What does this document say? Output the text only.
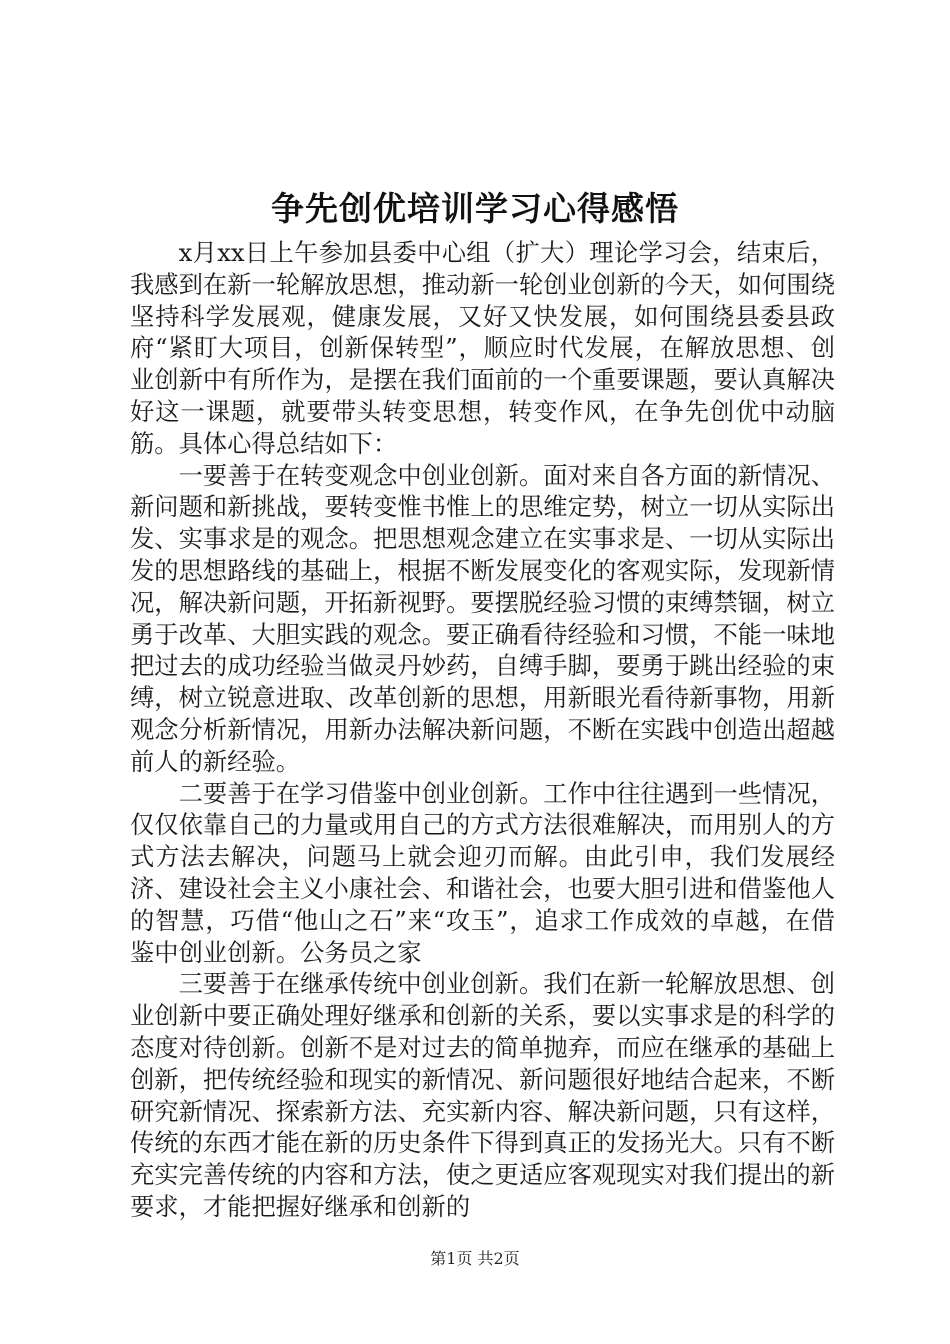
争先创优培训学习心得感悟

x月xx日上午参加县委中心组（扩大）理论学习会，结束后，我感到在新一轮解放思想，推动新一轮创业创新的今天，如何围绕坚持科学发展观，健康发展，又好又快发展，如何围绕县委县政府“紧盯大项目，创新保转型”，顺应时代发展，在解放思想、创业创新中有所作为，是摆在我们面前的一个重要课题，要认真解决好这一课题，就要带头转变思想，转变作风，在争先创优中动脑筋。具体心得总结如下：

一要善于在转变观念中创业创新。面对来自各方面的新情况、新问题和新挑战，要转变惟书惟上的思维定势，树立一切从实际出发、实事求是的观念。把思想观念建立在实事求是、一切从实际出发的思想路线的基础上，根据不断发展变化的客观实际，发现新情况，解决新问题，开拓新视野。要摆脱经验习惯的束缚禁锢，树立勇于改革、大胆实践的观念。要正确看待经验和习惯，不能一味地把过去的成功经验当做灵丹妙药，自缚手脚，要勇于跳出经验的束缚，树立锐意进取、改革创新的思想，用新眼光看待新事物，用新观念分析新情况，用新办法解决新问题，不断在实践中创造出超越前人的新经验。

二要善于在学习借鉴中创业创新。工作中往往遇到一些情况，仅仅依靠自己的力量或用自己的方式方法很难解决，而用别人的方式方法去解决，问题马上就会迎刃而解。由此引申，我们发展经济、建设社会主义小康社会、和谐社会，也要大胆引进和借鉴他人的智慧，巧借“他山之石”来“攻玉”，追求工作成效的卓越，在借鉴中创业创新。公务员之家

三要善于在继承传统中创业创新。我们在新一轮解放思想、创业创新中要正确处理好继承和创新的关系，要以实事求是的科学的态度对待创新。创新不是对过去的简单抛弃，而应在继承的基础上创新，把传统经验和现实的新情况、新问题很好地结合起来，不断研究新情况、探索新方法、充实新内容、解决新问题，只有这样，传统的东西才能在新的历史条件下得到真正的发扬光大。只有不断充实完善传统的内容和方法，使之更适应客观现实对我们提出的新要求，才能把握好继承和创新的

第1页 共2页
